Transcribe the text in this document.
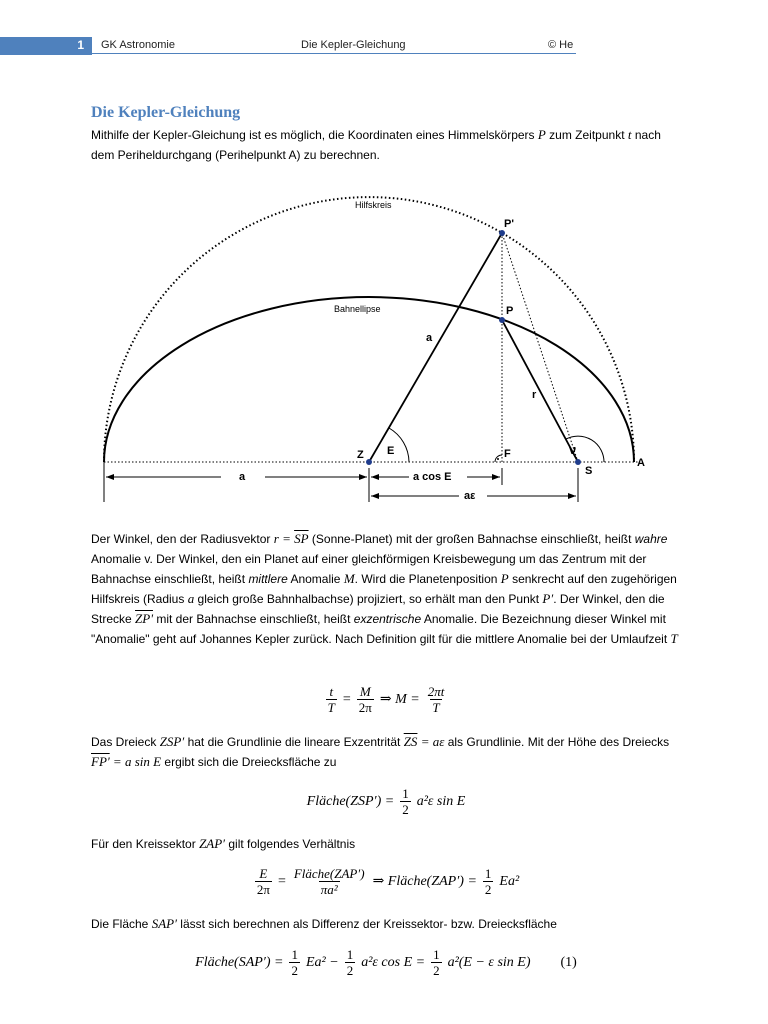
1 GK Astronomie	Die Kepler-Gleichung	© He
Die Kepler-Gleichung

Mithilfe der Kepler-Gleichung ist es möglich, die Koordinaten eines Himmelskörpers P zum Zeitpunkt t nach dem Periheldurchgang (Perihelpunkt A) zu berechnen.

Hilfskreis
Bahnellipse
P'
P
a
r
Z E	F	ν
S
A
a	a cos E
aε

Der Winkel, den der Radiusvektor $r = \overline{SP}$ (Sonne-Planet) mit der großen Bahnachse einschließt, heißt wahre Anomalie v. Der Winkel, den ein Planet auf einer gleichförmigen Kreisbewegung um das Zentrum mit der Bahnachse einschließt, heißt mittlere Anomalie M. Wird die Planetenposition P senkrecht auf den zugehörigen Hilfskreis (Radius a gleich große Bahnhalbachse) projiziert, so erhält man den Punkt P′. Der Winkel, den die Strecke ZP' mit der Bahnachse einschließt, heißt exzentrische Anomalie. Die Bezeichnung dieser Winkel mit "Anomalie" geht auf Johannes Kepler zurück. Nach Definition gilt für die mittlere Anomalie bei der Umlaufzeit T

$\frac{t}{T} = \frac{M}{2\pi}$ ⇒ $M = \frac{2\pi t}{T}$

Das Dreieck ZSP′ hat die Grundlinie die lineare Exzentrität $\overline{ZS} = a\varepsilon$ als Grundlinie. Mit der Höhe des Dreiecks FP' = a sin E ergibt sich die Dreiecksfläche zu

Fläche(ZSP′) = $\frac{1}{2} a^2\varepsilon$ sin E

Für den Kreissektor ZAP′ gilt folgendes Verhältnis

$\frac{E}{2\pi} = \frac{\text{Fläche(ZAP′)}}{\text{πa²}}$ ⇒ Fläche(ZAP′) = $\frac{1}{2} Ea^2$

Die Fläche SAP′ lässt sich berechnen als Differenz der Kreissektor- bzw. Dreiecksfläche

Fläche(SAP′) = $\frac{1}{2} Ea^2 - \frac{1}{2} a^2\varepsilon$ $\cos E = \frac{1}{2} a^2(E - \varepsilon$ sin E) (1)
